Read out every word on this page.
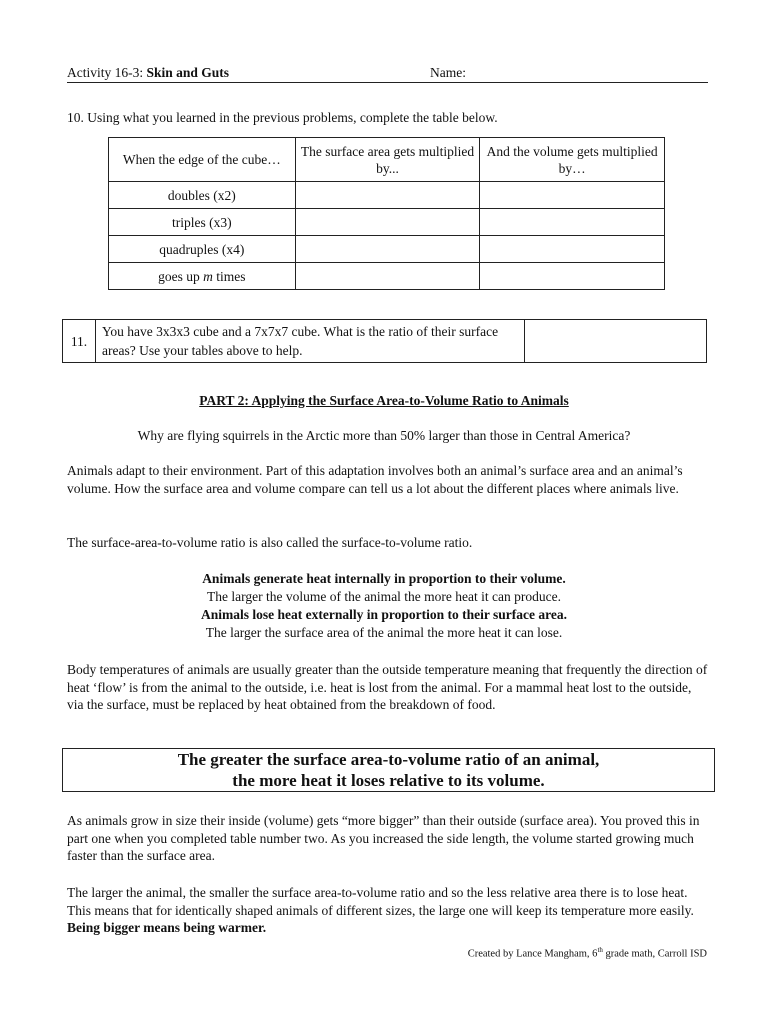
Activity 16-3: Skin and Guts	Name:
10. Using what you learned in the previous problems, complete the table below.
When the edge of the cube…	The surface area gets multiplied by...	And the volume gets multiplied by…
doubles (x2)		
triples (x3)		
quadruples (x4)		
goes up m times		
11.	You have 3x3x3 cube and a 7x7x7 cube. What is the ratio of their surface areas? Use your tables above to help.	
PART 2: Applying the Surface Area-to-Volume Ratio to Animals
Why are flying squirrels in the Arctic more than 50% larger than those in Central America?
Animals adapt to their environment. Part of this adaptation involves both an animal’s surface area and an animal’s volume. How the surface area and volume compare can tell us a lot about the different places where animals live.
The surface-area-to-volume ratio is also called the surface-to-volume ratio.
Animals generate heat internally in proportion to their volume.
The larger the volume of the animal the more heat it can produce.
Animals lose heat externally in proportion to their surface area.
The larger the surface area of the animal the more heat it can lose.
Body temperatures of animals are usually greater than the outside temperature meaning that frequently the direction of heat ‘flow’ is from the animal to the outside, i.e. heat is lost from the animal. For a mammal heat lost to the outside, via the surface, must be replaced by heat obtained from the breakdown of food.
The greater the surface area-to-volume ratio of an animal,
the more heat it loses relative to its volume.
As animals grow in size their inside (volume) gets “more bigger” than their outside (surface area). You proved this in part one when you completed table number two. As you increased the side length, the volume started growing much faster than the surface area.
The larger the animal, the smaller the surface area-to-volume ratio and so the less relative area there is to lose heat. This means that for identically shaped animals of different sizes, the large one will keep its temperature more easily. Being bigger means being warmer.
Created by Lance Mangham, 6th grade math, Carroll ISD
